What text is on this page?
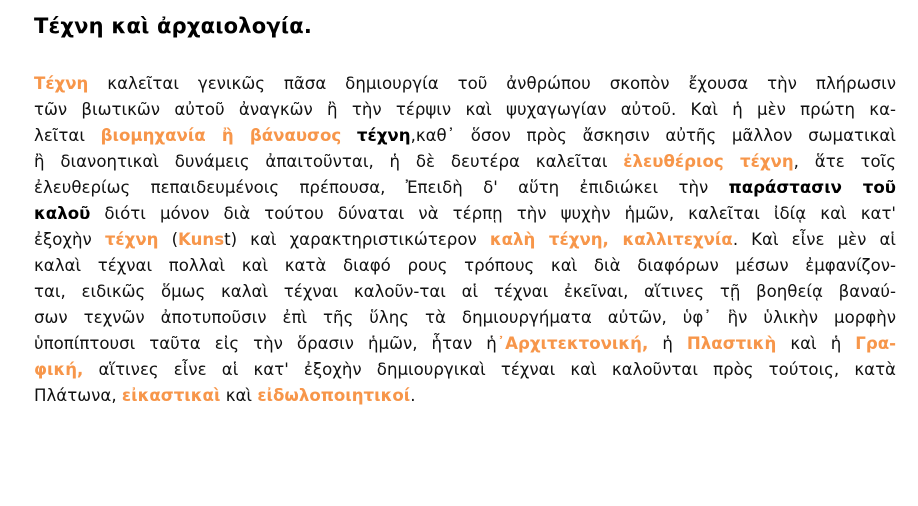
Τέχνη καὶ ἀρχαιολογία.
Τέχνη καλεῖται γενικῶς πᾶσα δημιουργία τοῦ ἀνθρώπου σκοπὸν ἔχουσα τὴν πλήρωσιν
τῶν βιωτικῶν αὐτοῦ ἀναγκῶν ἢ τὴν τέρψιν καὶ ψυχαγωγίαν αὐτοῦ. Καὶ ἡ μὲν πρώτη κα-
λεῖται βιομηχανία ἢ βάναυσος τέχνη,καθ᾽ ὅσον πρὸς ἄσκησιν αὐτῆς μᾶλλον σωματικαὶ
ἢ διανοητικαὶ δυνάμεις ἀπαιτοῦνται, ἡ δὲ δευτέρα καλεῖται ἐλευθέριος τέχνη, ἅτε τοῖς
ἐλευθερίως πεπαιδευμένοις πρέπουσα, Ἐπειδὴ δ' αὕτη ἐπιδιώκει τὴν παράστασιν τοῦ
καλοῦ διότι μόνον διὰ τούτου δύναται νὰ τέρπῃ τὴν ψυχὴν ἡμῶν, καλεῖται ἰδίᾳ καὶ κατ'
ἐξοχὴν τέχνη (Kunst) καὶ χαρακτηριστικώτερον καλὴ τέχνη, καλλιτεχνία. Καὶ εἶνε μὲν αἱ
καλαὶ τέχναι πολλαὶ καὶ κατὰ διαφό ρους τρόπους καὶ διὰ διαφόρων μέσων ἐμφανίζον-
ται, ειδικῶς ὅμως καλαὶ τέχναι καλοῦν-ται αἱ τέχναι ἐκεῖναι, αἵτινες τῇ βοηθείᾳ βαναύ-
σων τεχνῶν ἀποτυποῦσιν ἐπὶ τῆς ὕλης τὰ δημιουργήματα αὐτῶν, ὑφ᾽ ἣν ὑλικὴν μορφὴν
ὑποπίπτουσι ταῦτα εἰς τὴν ὅρασιν ἡμῶν, ἧταν ἡ᾽Αρχιτεκτονική, ἡ Πλαστικὴ καὶ ἡ Γρα-
φική, αἵτινες εἶνε αἱ κατ' ἐξοχὴν δημιουργικαὶ τέχναι καὶ καλοῦνται πρὸς τούτοις, κατὰ
Πλάτωνα, εἰκαστικαὶ καὶ εἰδωλοποιητικοί.
